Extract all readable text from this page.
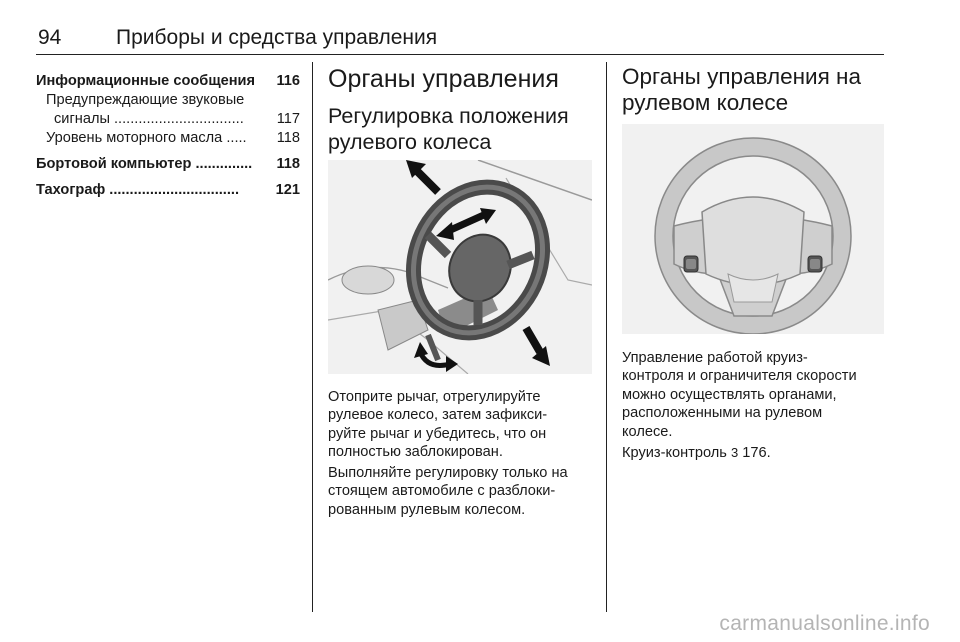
94	Приборы и средства управления
Информационные сообщения 116
Предупреждающие звуковые
сигналы ................................ 117
Уровень моторного масла ..... 118
Бортовой компьютер .............. 118
Тахограф ................................	121
Органы управления
Регулировка положения
рулевого колеса
Отоприте рычаг, отрегулируйте
рулевое колесо, затем зафикси-
руйте рычаг и убедитесь, что он
полностью заблокирован.
Выполняйте регулировку только на
стоящем автомобиле с разблоки-
рованным рулевым колесом.
Органы управления на
рулевом колесе
Управление работой круиз-
контроля и ограничителя скорости
можно осуществлять органами,
расположенными на рулевом
колесе.
Круиз-контроль 3 176.
carmanualsonline.info
